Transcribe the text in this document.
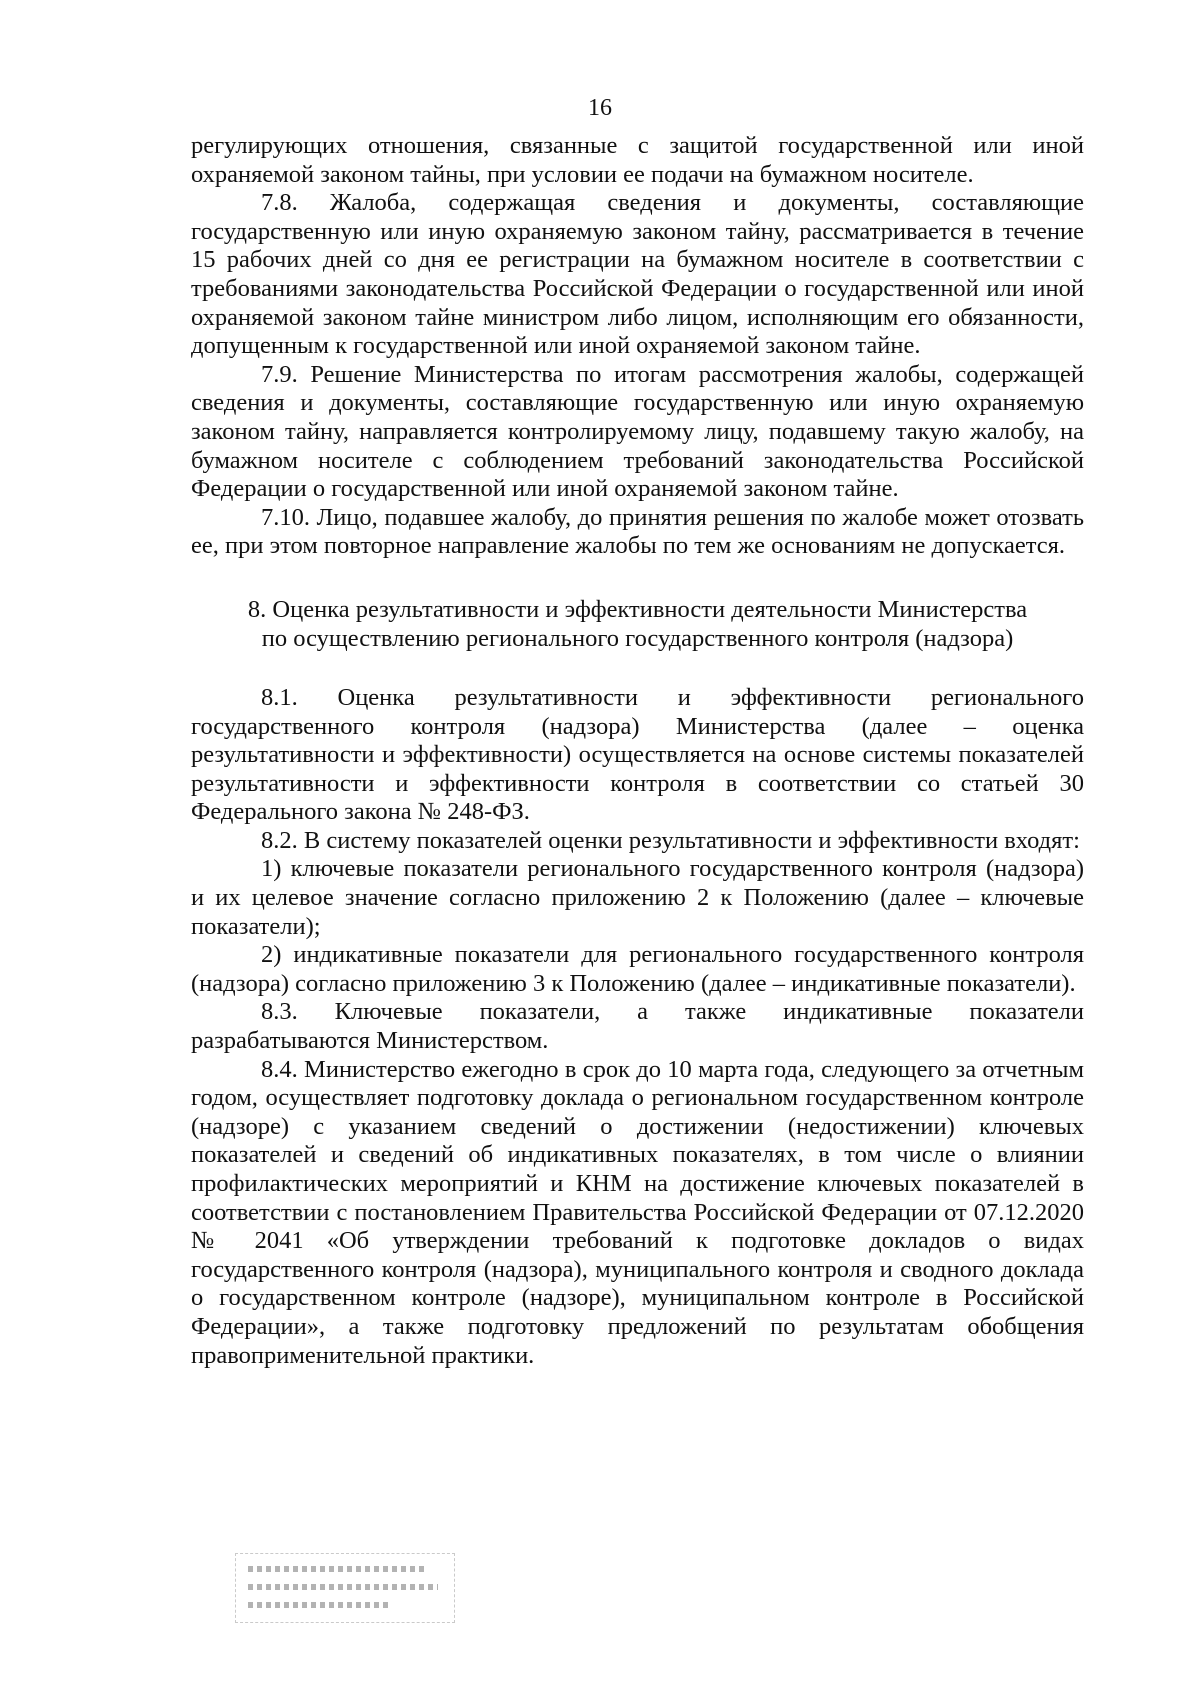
16

регулирующих отношения, связанные с защитой государственной или иной охраняемой законом тайны, при условии ее подачи на бумажном носителе.

7.8. Жалоба, содержащая сведения и документы, составляющие государственную или иную охраняемую законом тайну, рассматривается в течение 15 рабочих дней со дня ее регистрации на бумажном носителе в соответствии с требованиями законодательства Российской Федерации о государственной или иной охраняемой законом тайне министром либо лицом, исполняющим его обязанности, допущенным к государственной или иной охраняемой законом тайне.

7.9. Решение Министерства по итогам рассмотрения жалобы, содержащей сведения и документы, составляющие государственную или иную охраняемую законом тайну, направляется контролируемому лицу, подавшему такую жалобу, на бумажном носителе с соблюдением требований законодательства Российской Федерации о государственной или иной охраняемой законом тайне.

7.10. Лицо, подавшее жалобу, до принятия решения по жалобе может отозвать ее, при этом повторное направление жалобы по тем же основаниям не допускается.

8. Оценка результативности и эффективности деятельности Министерства
по осуществлению регионального государственного контроля (надзора)

8.1. Оценка результативности и эффективности регионального государственного контроля (надзора) Министерства (далее – оценка результативности и эффективности) осуществляется на основе системы показателей результативности и эффективности контроля в соответствии со статьей 30 Федерального закона № 248-ФЗ.

8.2. В систему показателей оценки результативности и эффективности входят:

1) ключевые показатели регионального государственного контроля (надзора) и их целевое значение согласно приложению 2 к Положению (далее – ключевые показатели);

2) индикативные показатели для регионального государственного контроля (надзора) согласно приложению 3 к Положению (далее – индикативные показатели).

8.3. Ключевые показатели, а также индикативные показатели разрабатываются Министерством.

8.4. Министерство ежегодно в срок до 10 марта года, следующего за отчетным годом, осуществляет подготовку доклада о региональном государственном контроле (надзоре) с указанием сведений о достижении (недостижении) ключевых показателей и сведений об индикативных показателях, в том числе о влиянии профилактических мероприятий и КНМ на достижение ключевых показателей в соответствии с постановлением Правительства Российской Федерации от 07.12.2020 № 2041 «Об утверждении требований к подготовке докладов о видах государственного контроля (надзора), муниципального контроля и сводного доклада о государственном контроле (надзоре), муниципальном контроле в Российской Федерации», а также подготовку предложений по результатам обобщения правоприменительной практики.
